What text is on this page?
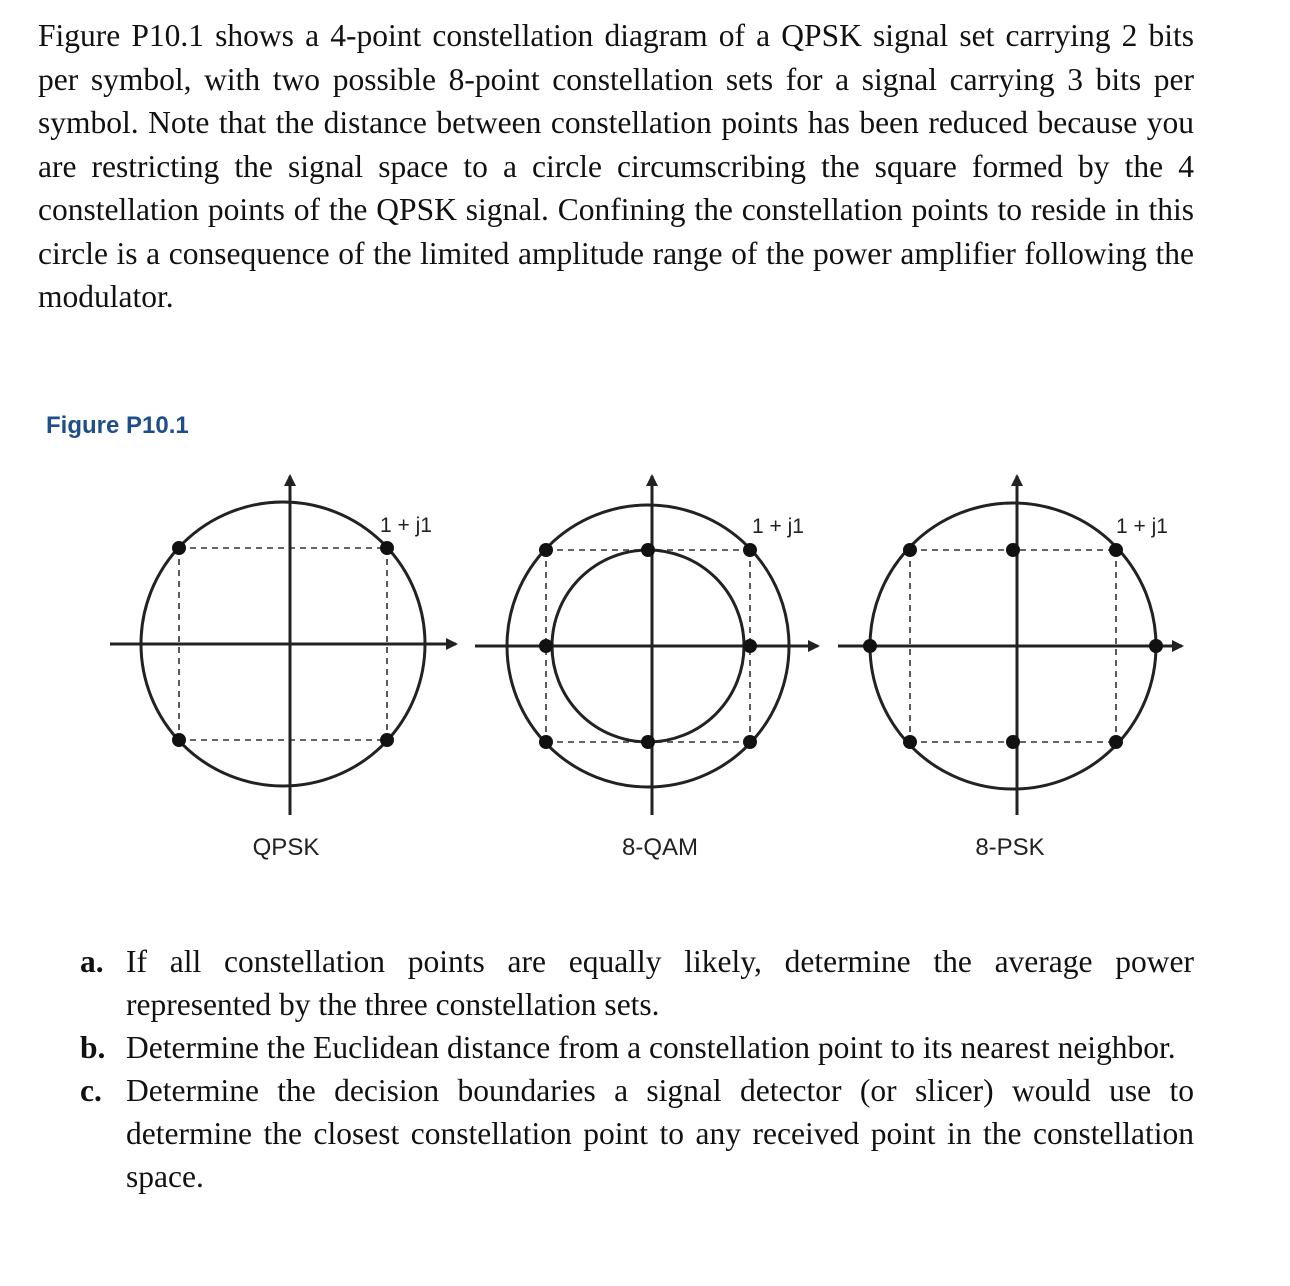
Figure P10.1 shows a 4-point constellation diagram of a QPSK signal set carrying 2 bits per symbol, with two possible 8-point constellation sets for a signal carrying 3 bits per symbol. Note that the distance between constellation points has been reduced because you are restricting the signal space to a circle circumscribing the square formed by the 4 constellation points of the QPSK signal. Confining the constellation points to reside in this circle is a consequence of the limited amplitude range of the power amplifier following the modulator.

Figure P10.1
1 + j1
QPSK
1 + j1
8-QAM
1 + j1
8-PSK
a. If all constellation points are equally likely, determine the average power represented by the three constellation sets.
b. Determine the Euclidean distance from a constellation point to its nearest neighbor.
c. Determine the decision boundaries a signal detector (or slicer) would use to determine the closest constellation point to any received point in the constellation space.
